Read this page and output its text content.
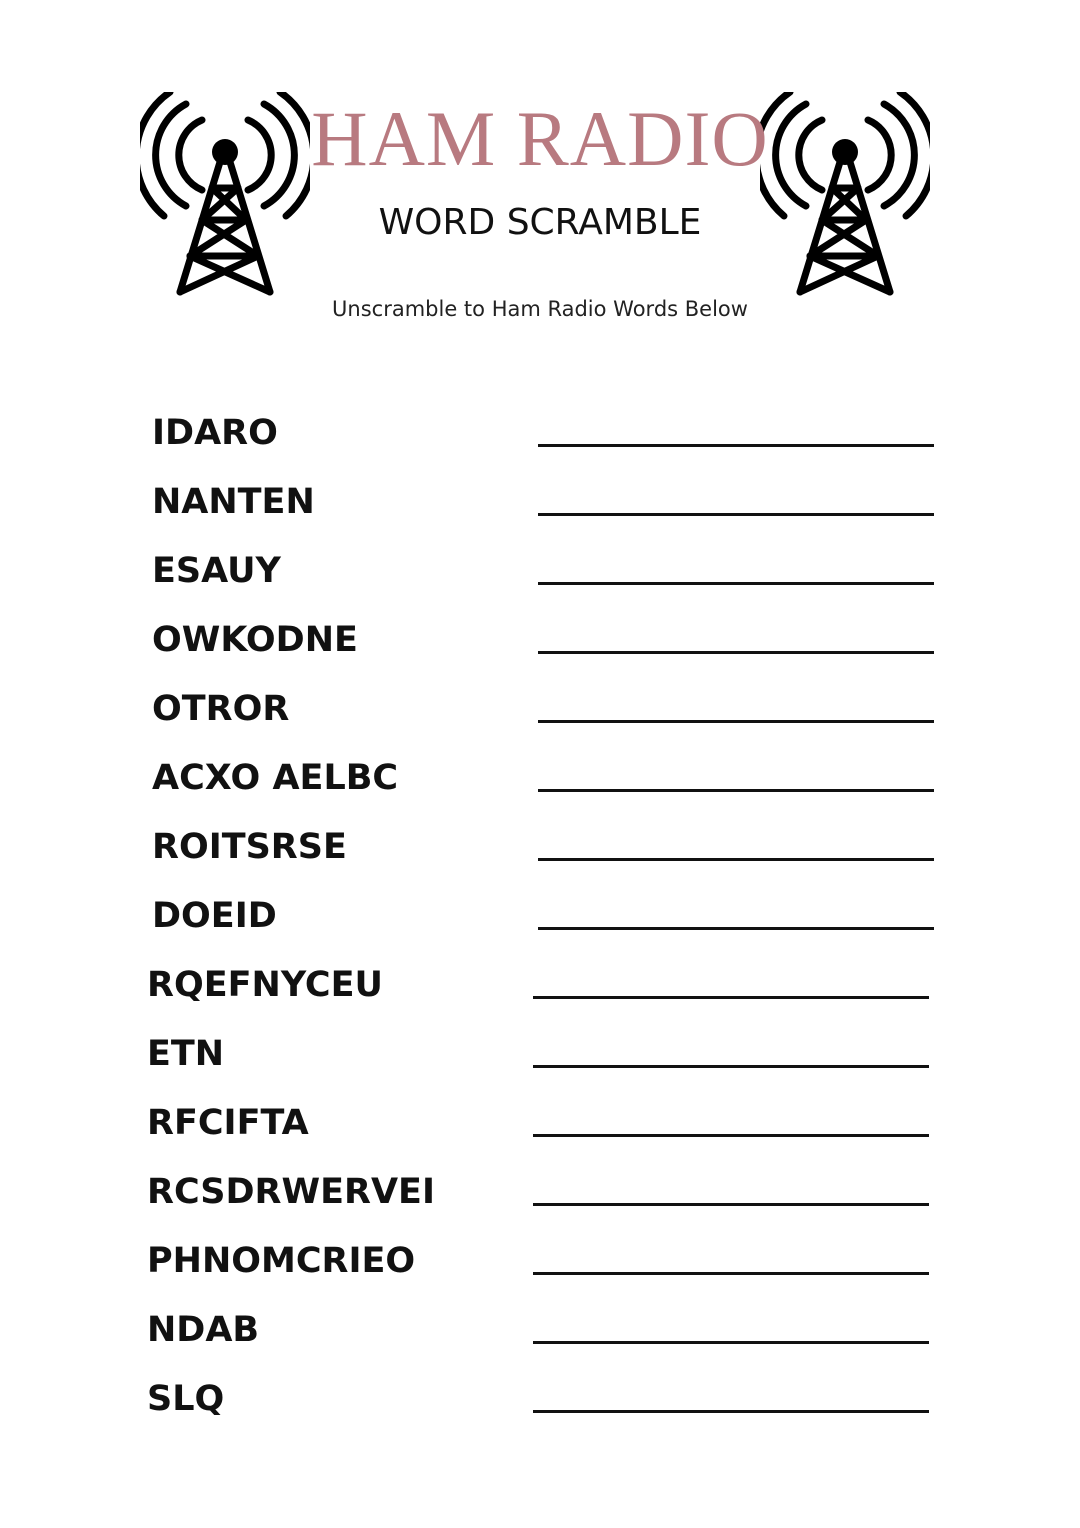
HAM RADIO
WORD SCRAMBLE

Unscramble to Ham Radio Words Below

IDARO
NANTEN
ESAUY
OWKODNE
OTROR
ACXO AELBC
ROITSRSE
DOEID
RQEFNYCEU
ETN
RFCIFTA
RCSDRWERVEI
PHNOMCRIEO
NDAB
SLQ
